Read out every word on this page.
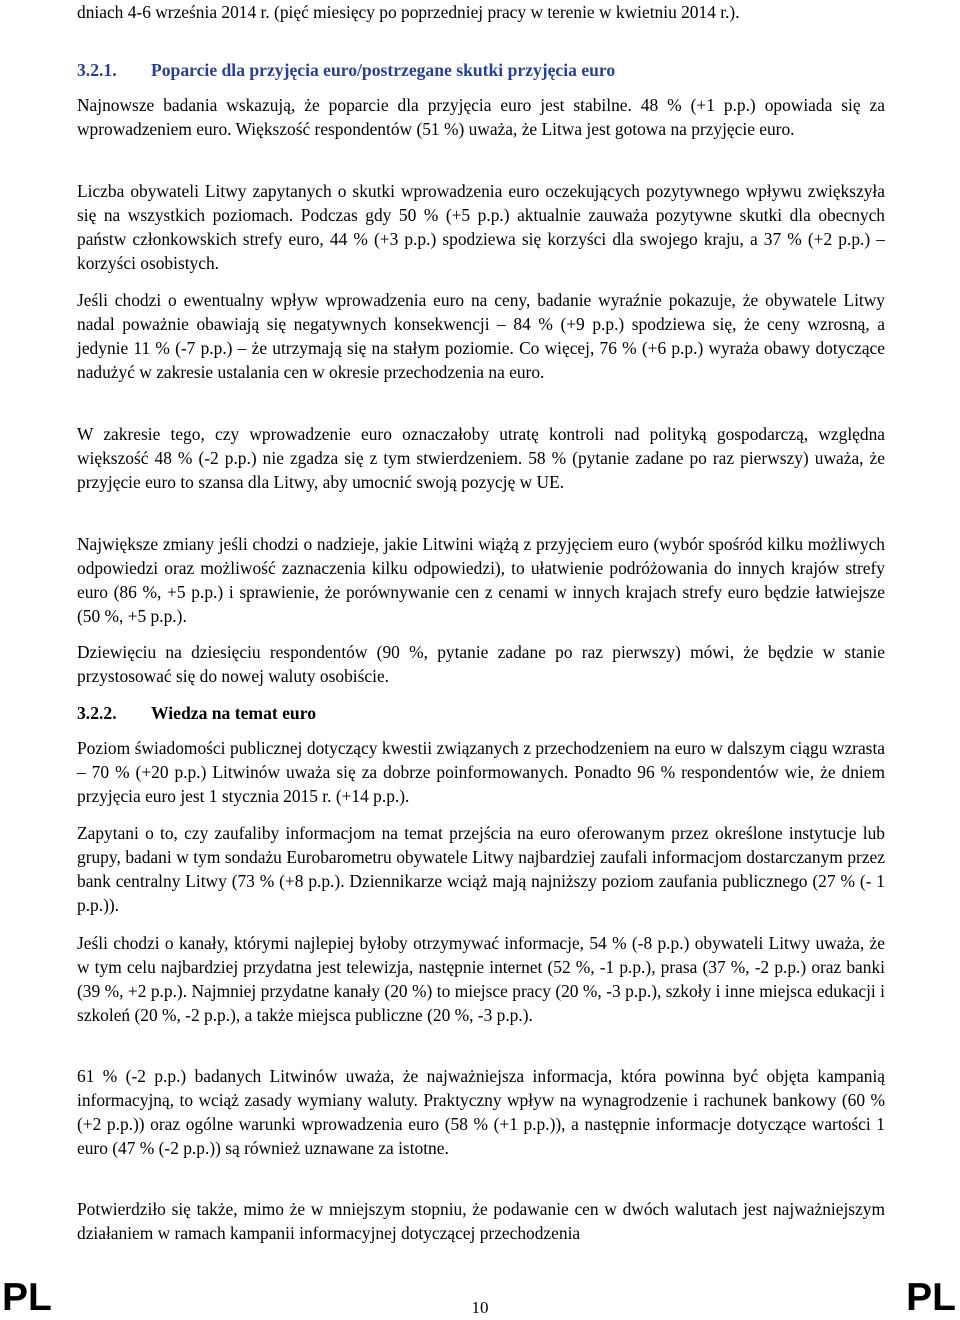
dniach 4-6 września 2014 r. (pięć miesięcy po poprzedniej pracy w terenie w kwietniu 2014 r.).

3.2.1. Poparcie dla przyjęcia euro/postrzegane skutki przyjęcia euro

Najnowsze badania wskazują, że poparcie dla przyjęcia euro jest stabilne. 48 % (+1 p.p.) opowiada się za wprowadzeniem euro. Większość respondentów (51 %) uważa, że Litwa jest gotowa na przyjęcie euro.

Liczba obywateli Litwy zapytanych o skutki wprowadzenia euro oczekujących pozytywnego wpływu zwiększyła się na wszystkich poziomach. Podczas gdy 50 % (+5 p.p.) aktualnie zauważa pozytywne skutki dla obecnych państw członkowskich strefy euro, 44 % (+3 p.p.) spodziewa się korzyści dla swojego kraju, a 37 % (+2 p.p.) – korzyści osobistych.

Jeśli chodzi o ewentualny wpływ wprowadzenia euro na ceny, badanie wyraźnie pokazuje, że obywatele Litwy nadal poważnie obawiają się negatywnych konsekwencji – 84 % (+9 p.p.) spodziewa się, że ceny wzrosną, a jedynie 11 % (-7 p.p.) – że utrzymają się na stałym poziomie. Co więcej, 76 % (+6 p.p.) wyraża obawy dotyczące nadużyć w zakresie ustalania cen w okresie przechodzenia na euro.

W zakresie tego, czy wprowadzenie euro oznaczałoby utratę kontroli nad polityką gospodarczą, względna większość 48 % (-2 p.p.) nie zgadza się z tym stwierdzeniem. 58 % (pytanie zadane po raz pierwszy) uważa, że przyjęcie euro to szansa dla Litwy, aby umocnić swoją pozycję w UE.

Największe zmiany jeśli chodzi o nadzieje, jakie Litwini wiążą z przyjęciem euro (wybór spośród kilku możliwych odpowiedzi oraz możliwość zaznaczenia kilku odpowiedzi), to ułatwienie podróżowania do innych krajów strefy euro (86 %, +5 p.p.) i sprawienie, że porównywanie cen z cenami w innych krajach strefy euro będzie łatwiejsze (50 %, +5 p.p.).

Dziewięciu na dziesięciu respondentów (90 %, pytanie zadane po raz pierwszy) mówi, że będzie w stanie przystosować się do nowej waluty osobiście.

3.2.2. Wiedza na temat euro

Poziom świadomości publicznej dotyczący kwestii związanych z przechodzeniem na euro w dalszym ciągu wzrasta – 70 % (+20 p.p.) Litwinów uważa się za dobrze poinformowanych. Ponadto 96 % respondentów wie, że dniem przyjęcia euro jest 1 stycznia 2015 r. (+14 p.p.).

Zapytani o to, czy zaufaliby informacjom na temat przejścia na euro oferowanym przez określone instytucje lub grupy, badani w tym sondażu Eurobarometru obywatele Litwy najbardziej zaufali informacjom dostarczanym przez bank centralny Litwy (73 % (+8 p.p.). Dziennikarze wciąż mają najniższy poziom zaufania publicznego (27 % (- 1 p.p.)).

Jeśli chodzi o kanały, którymi najlepiej byłoby otrzymywać informacje, 54 % (-8 p.p.) obywateli Litwy uważa, że w tym celu najbardziej przydatna jest telewizja, następnie internet (52 %, -1 p.p.), prasa (37 %, -2 p.p.) oraz banki (39 %, +2 p.p.). Najmniej przydatne kanały (20 %) to miejsce pracy (20 %, -3 p.p.), szkoły i inne miejsca edukacji i szkoleń (20 %, -2 p.p.), a także miejsca publiczne (20 %, -3 p.p.).

61 % (-2 p.p.) badanych Litwinów uważa, że najważniejsza informacja, która powinna być objęta kampanią informacyjną, to wciąż zasady wymiany waluty. Praktyczny wpływ na wynagrodzenie i rachunek bankowy (60 % (+2 p.p.)) oraz ogólne warunki wprowadzenia euro (58 % (+1 p.p.)), a następnie informacje dotyczące wartości 1 euro (47 % (-2 p.p.)) są również uznawane za istotne.

Potwierdziło się także, mimo że w mniejszym stopniu, że podawanie cen w dwóch walutach jest najważniejszym działaniem w ramach kampanii informacyjnej dotyczącej przechodzenia

PL	10	PL
